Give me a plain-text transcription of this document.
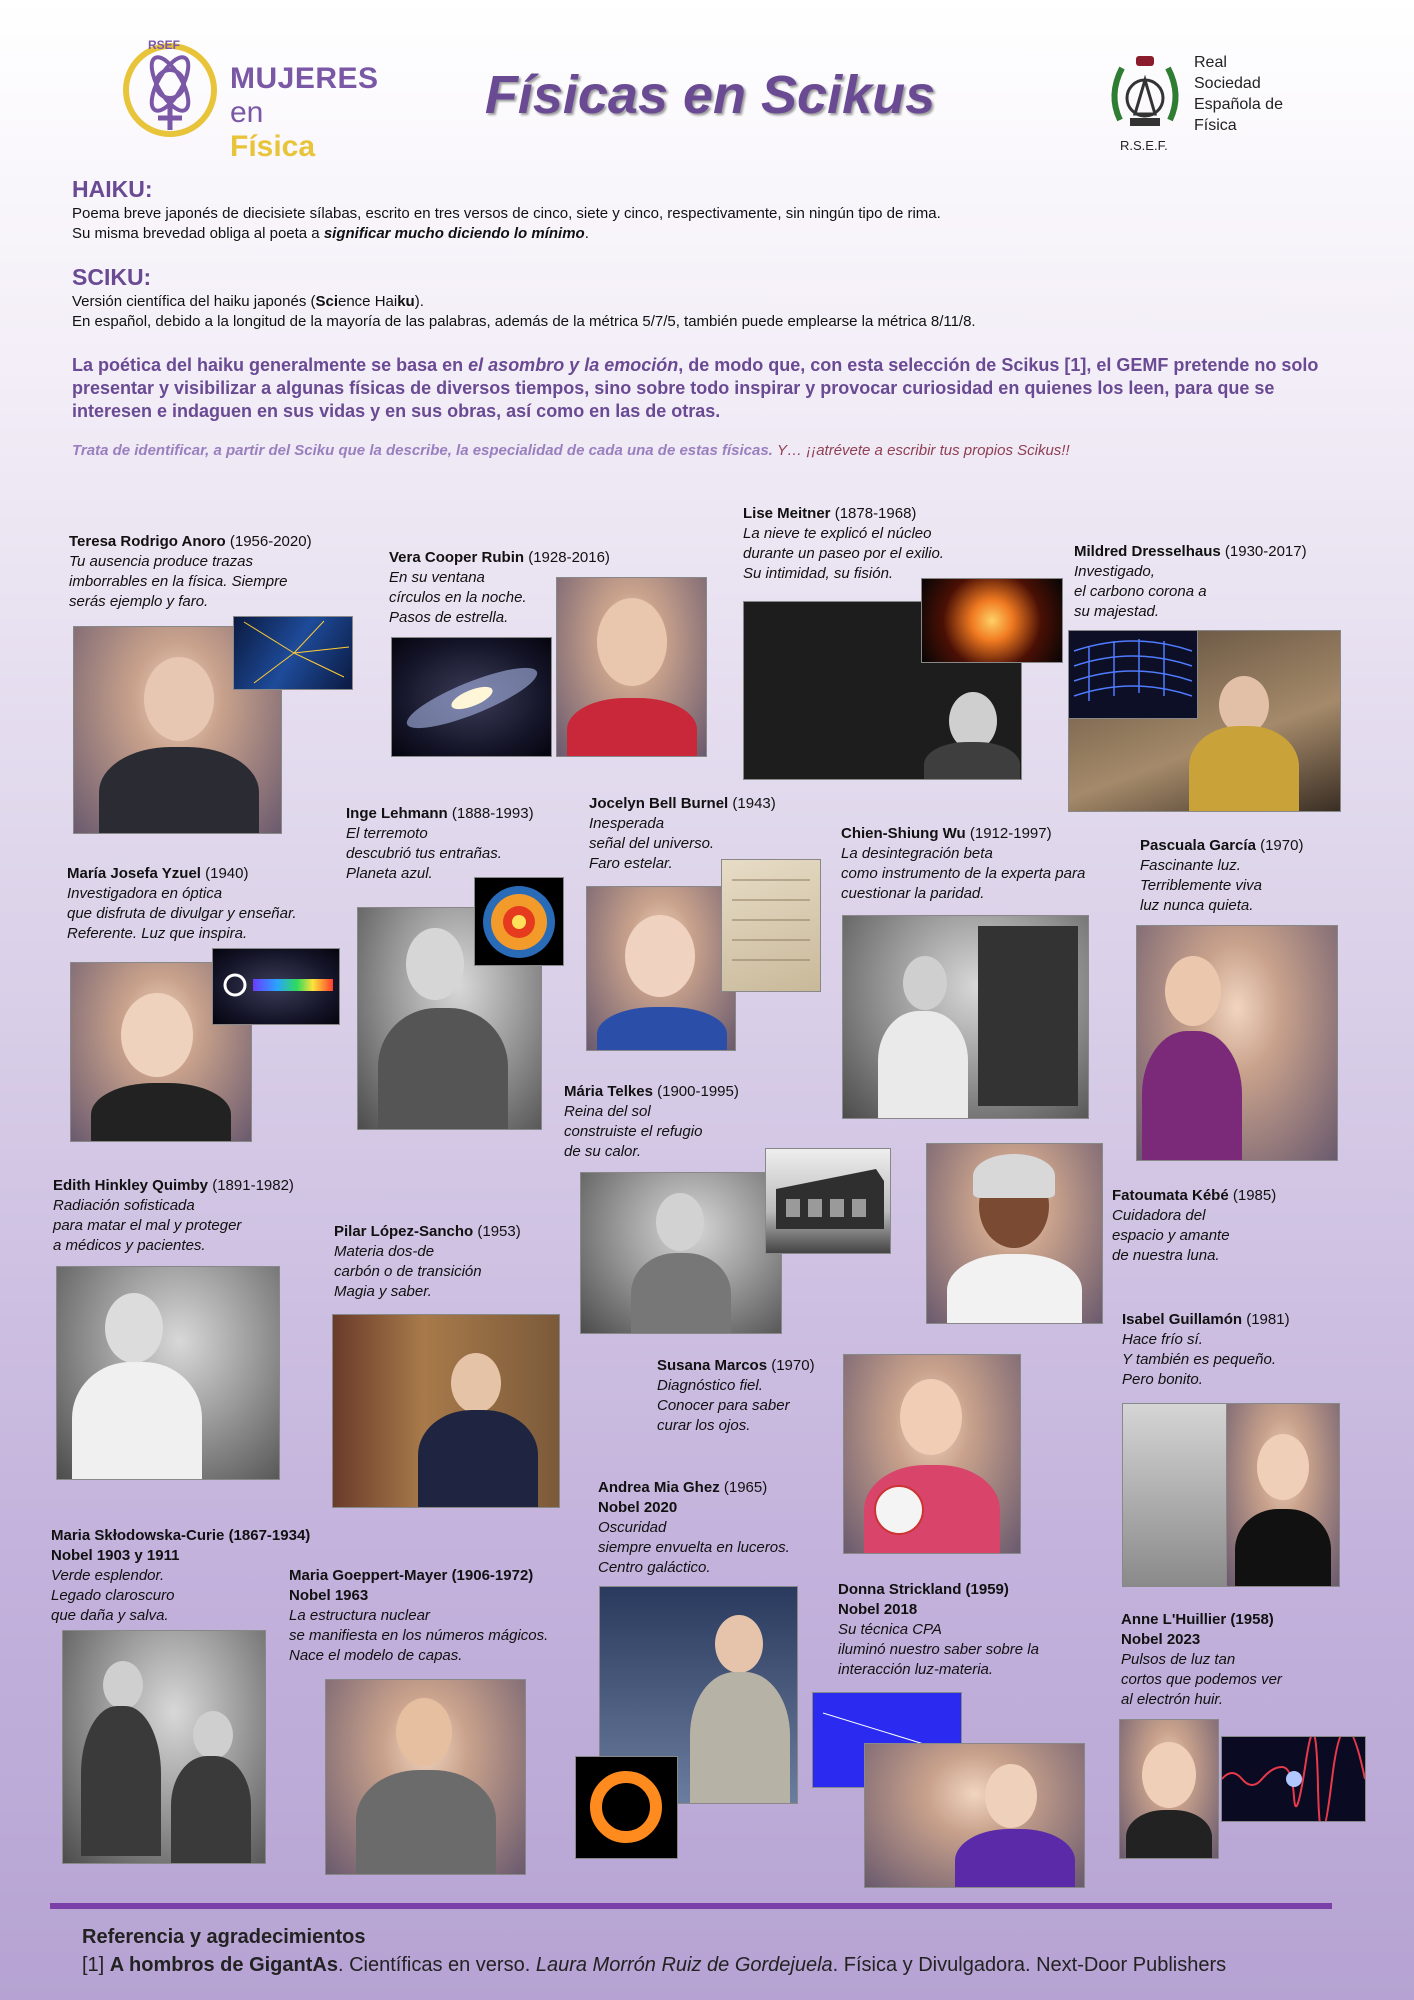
RSEF
MUJERES
en Física
Físicas en Scikus
Real
Sociedad
Española de
Física
R.S.E.F.
HAIKU:
Poema breve japonés de diecisiete sílabas, escrito en tres versos de cinco, siete y cinco, respectivamente, sin ningún tipo de rima.
Su misma brevedad obliga al poeta a significar mucho diciendo lo mínimo.
SCIKU:
Versión científica del haiku japonés (Science Haiku).
En español, debido a la longitud de la mayoría de las palabras, además de la métrica 5/7/5, también puede emplearse la métrica 8/11/8.
La poética del haiku generalmente se basa en el asombro y la emoción, de modo que, con esta selección de Scikus [1], el GEMF pretende no solo presentar y visibilizar a algunas físicas de diversos tiempos, sino sobre todo inspirar y provocar curiosidad en quienes los leen, para que se interesen e indaguen en sus vidas y en sus obras, así como en las de otras.
Trata de identificar, a partir del Sciku que la describe, la especialidad de cada una de estas físicas. Y… ¡¡atrévete a escribir tus propios Scikus!!
Teresa Rodrigo Anoro (1956-2020)
Tu ausencia produce trazas
imborrables en la física. Siempre
serás ejemplo y faro.
Vera Cooper Rubin (1928-2016)
En su ventana
círculos en la noche.
Pasos de estrella.
Lise Meitner (1878-1968)
La nieve te explicó el núcleo
durante un paseo por el exilio.
Su intimidad, su fisión.
Mildred Dresselhaus (1930-2017)
Investigado,
el carbono corona a
su majestad.
María Josefa Yzuel (1940)
Investigadora en óptica
que disfruta de divulgar y enseñar.
Referente. Luz que inspira.
Inge Lehmann (1888-1993)
El terremoto
descubrió tus entrañas.
Planeta azul.
Jocelyn Bell Burnel (1943)
Inesperada
señal del universo.
Faro estelar.
Chien-Shiung Wu (1912-1997)
La desintegración beta
como instrumento de la experta para
cuestionar la paridad.
Pascuala García (1970)
Fascinante luz.
Terriblemente viva
luz nunca quieta.
Mária Telkes (1900-1995)
Reina del sol
construiste el refugio
de su calor.
Edith Hinkley Quimby (1891-1982)
Radiación sofisticada
para matar el mal y proteger
a médicos y pacientes.
Pilar López-Sancho (1953)
Materia dos-de
carbón o de transición
Magia y saber.
Fatoumata Kébé (1985)
Cuidadora del
espacio y amante
de nuestra luna.
Isabel Guillamón (1981)
Hace frío sí.
Y también es pequeño.
Pero bonito.
Susana Marcos (1970)
Diagnóstico fiel.
Conocer para saber
curar los ojos.
Andrea Mia Ghez (1965)
Nobel 2020
Oscuridad
siempre envuelta en luceros.
Centro galáctico.
Maria Skłodowska-Curie (1867-1934)
Nobel 1903 y 1911
Verde esplendor.
Legado claroscuro
que daña y salva.
Maria Goeppert-Mayer (1906-1972)
Nobel 1963
La estructura nuclear
se manifiesta en los números mágicos.
Nace el modelo de capas.
Donna Strickland (1959)
Nobel 2018
Su técnica CPA
iluminó nuestro saber sobre la
interacción luz-materia.
Anne L'Huillier (1958)
Nobel 2023
Pulsos de luz tan
cortos que podemos ver
al electrón huir.
Referencia y agradecimientos
[1] A hombros de GigantAs. Científicas en verso. Laura Morrón Ruiz de Gordejuela. Física y Divulgadora. Next-Door Publishers
